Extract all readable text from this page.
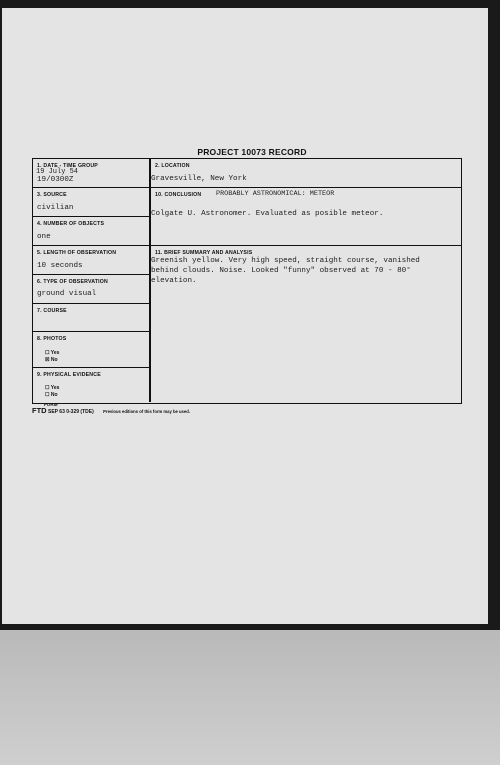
PROJECT 10073 RECORD
1. DATE - TIME GROUP
19 July 54
19/0300Z
2. LOCATION
Gravesville, New York
3. SOURCE
civilian
10. CONCLUSION PROBABLY ASTRONOMICAL: METEOR
Colgate U. Astronomer. Evaluated as posible meteor.
4. NUMBER OF OBJECTS
one
5. LENGTH OF OBSERVATION
10 seconds
11. BRIEF SUMMARY AND ANALYSIS
Greenish yellow. Very high speed, straight course, vanished
behind clouds. Noise. Looked "funny" observed at 70 - 80°
elevation.
6. TYPE OF OBSERVATION
ground visual
7. COURSE
8. PHOTOS
☐ Yes
☒ No
9. PHYSICAL EVIDENCE
☐ Yes
☐ No
FORM
FTD SEP 63 0-329 (TDE) Previous editions of this form may be used.
